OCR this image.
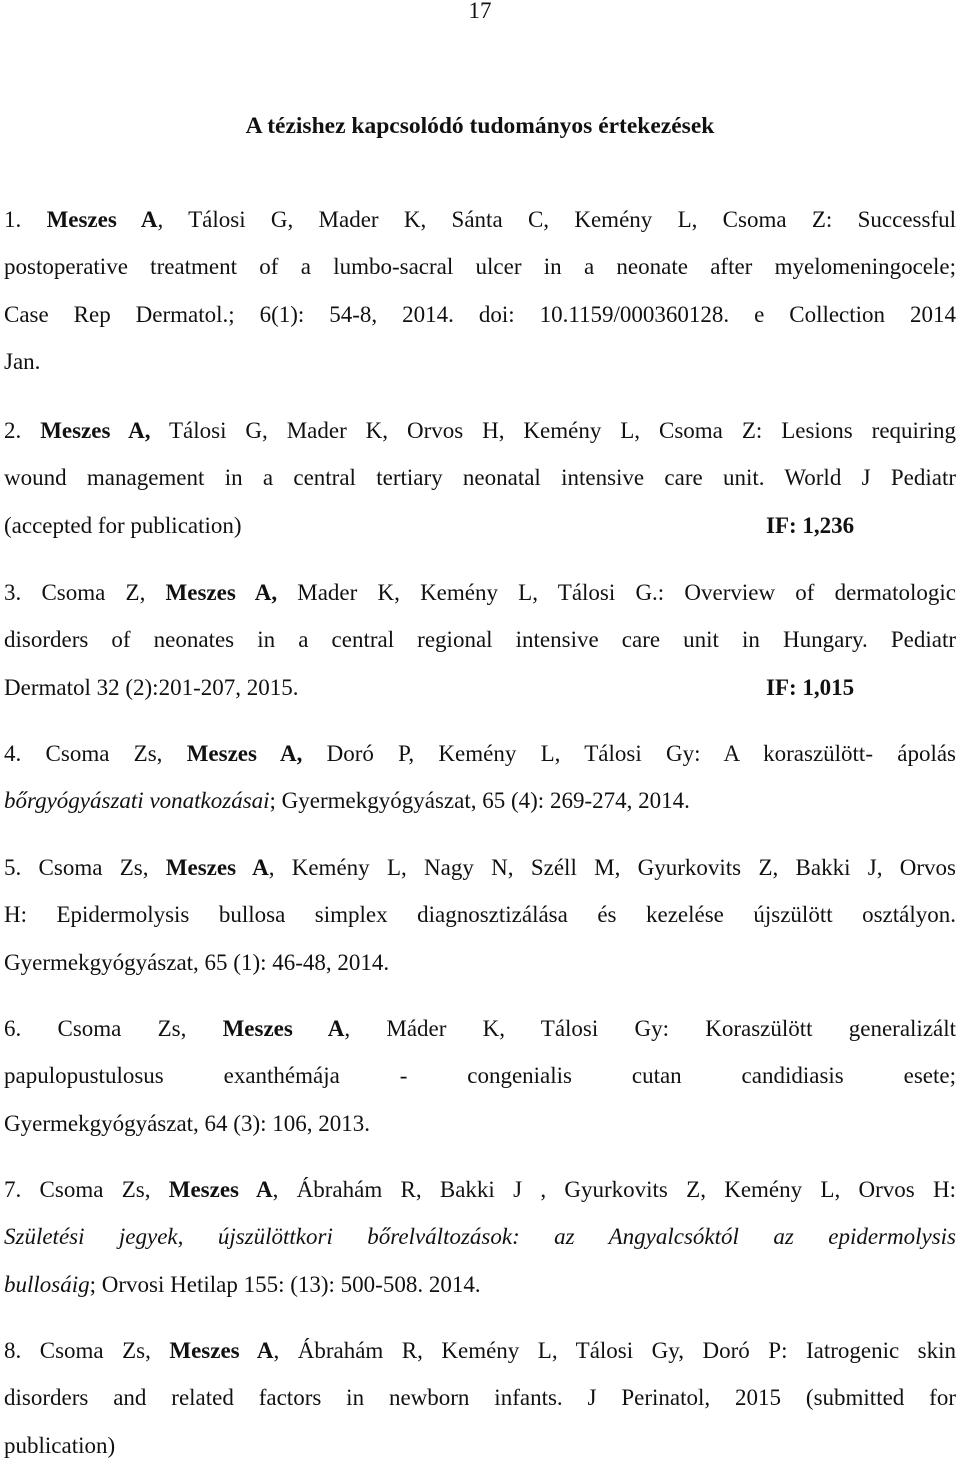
17
A tézishez kapcsolódó tudományos értekezések
1. Meszes A, Tálosi G, Mader K, Sánta C, Kemény L, Csoma Z: Successful
postoperative treatment of a lumbo-sacral ulcer in a neonate after myelomeningocele;
Case Rep Dermatol.; 6(1): 54-8, 2014. doi: 10.1159/000360128. e Collection 2014
Jan.
2. Meszes A, Tálosi G, Mader K, Orvos H, Kemény L, Csoma Z: Lesions requiring
wound management in a central tertiary neonatal intensive care unit. World J Pediatr
(accepted for publication)	IF: 1,236
3. Csoma Z, Meszes A, Mader K, Kemény L, Tálosi G.: Overview of dermatologic
disorders of neonates in a central regional intensive care unit in Hungary. Pediatr
Dermatol 32 (2):201-207, 2015.	IF: 1,015
4. Csoma Zs, Meszes A, Doró P, Kemény L, Tálosi Gy: A koraszülött- ápolás
bőrgyógyászati vonatkozásai; Gyermekgyógyászat, 65 (4): 269-274, 2014.
5. Csoma Zs, Meszes A, Kemény L, Nagy N, Széll M, Gyurkovits Z, Bakki J, Orvos
H: Epidermolysis bullosa simplex diagnosztizálása és kezelése újszülött osztályon.
Gyermekgyógyászat, 65 (1): 46-48, 2014.
6. Csoma Zs, Meszes A, Máder K, Tálosi Gy: Koraszülött generalizált
papulopustulosus exanthémája - congenialis cutan candidiasis esete;
Gyermekgyógyászat, 64 (3): 106, 2013.
7. Csoma Zs, Meszes A, Ábrahám R, Bakki J , Gyurkovits Z, Kemény L, Orvos H:
Születési jegyek, újszülöttkori bőrelváltozások: az Angyalcsóktól az epidermolysis
bullosáig; Orvosi Hetilap 155: (13): 500-508. 2014.
8. Csoma Zs, Meszes A, Ábrahám R, Kemény L, Tálosi Gy, Doró P: Iatrogenic skin
disorders and related factors in newborn infants. J Perinatol, 2015 (submitted for
publication)
